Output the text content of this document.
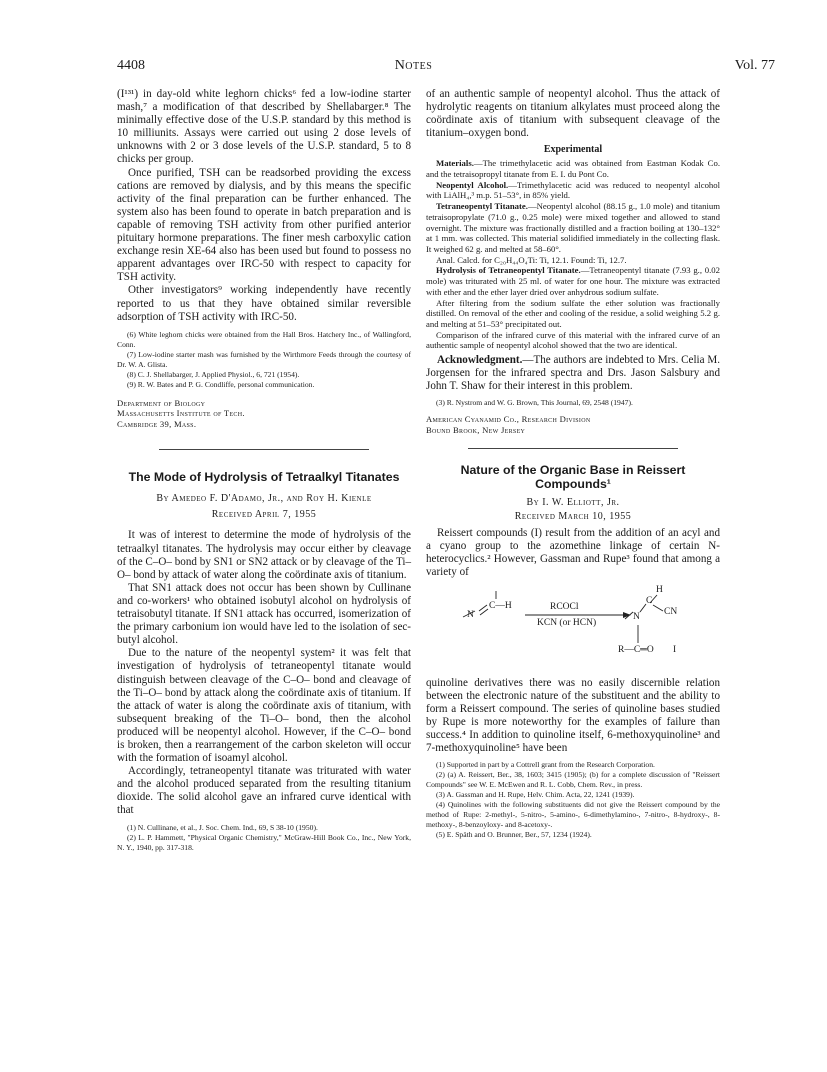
4408	Notes	Vol. 77

(I¹³¹) in day-old white leghorn chicks⁶ fed a low-iodine starter mash,⁷ a modification of that described by Shellabarger.⁸ The minimally effective dose of the U.S.P. standard by this method is 10 milliunits. Assays were carried out using 2 dose levels of unknowns with 2 or 3 dose levels of the U.S.P. standard, 5 to 8 chicks per group.

Once purified, TSH can be readsorbed providing the excess cations are removed by dialysis, and by this means the specific activity of the final preparation can be further enhanced. The system also has been found to operate in batch preparation and is capable of removing TSH activity from other purified anterior pituitary hormone preparations. The finer mesh carboxylic cation exchange resin XE-64 also has been used but found to possess no apparent advantages over IRC-50 with respect to capacity for TSH activity.

Other investigators⁹ working independently have recently reported to us that they have obtained similar reversible adsorption of TSH activity with IRC-50.

(6) White leghorn chicks were obtained from the Hall Bros. Hatchery Inc., of Wallingford, Conn.

(7) Low-iodine starter mash was furnished by the Wirthmore Feeds through the courtesy of Dr. W. A. Glista.

(8) C. J. Shellabarger, J. Applied Physiol., 6, 721 (1954).

(9) R. W. Bates and P. G. Condliffe, personal communication.

Department of Biology
Massachusetts Institute of Tech.
Cambridge 39, Mass.

The Mode of Hydrolysis of Tetraalkyl Titanates

By Amedeo F. D'Adamo, Jr., and Roy H. Kienle
Received April 7, 1955

It was of interest to determine the mode of hydrolysis of the tetraalkyl titanates. The hydrolysis may occur either by cleavage of the C–O– bond by SN1 or SN2 attack or by cleavage of the Ti–O– bond by attack of water along the coördinate axis of titanium.

That SN1 attack does not occur has been shown by Cullinane and co-workers¹ who obtained isobutyl alcohol on hydrolysis of tetraisobutyl titanate. If SN1 attack has occurred, isomerization of the primary carbonium ion would have led to the isolation of sec-butyl alcohol.

Due to the nature of the neopentyl system² it was felt that investigation of hydrolysis of tetraneopentyl titanate would distinguish between cleavage of the C–O– bond and cleavage of the Ti–O– bond by attack along the coördinate axis of titanium. If the attack of water is along the coördinate axis of titanium, with subsequent breaking of the Ti–O– bond, then the alcohol produced will be neopentyl alcohol. However, if the C–O– bond is broken, then a rearrangement of the carbon skeleton will occur with the formation of isoamyl alcohol.

Accordingly, tetraneopentyl titanate was triturated with water and the alcohol produced separated from the resulting titanium dioxide. The solid alcohol gave an infrared curve identical with that

(1) N. Cullinane, et al., J. Soc. Chem. Ind., 69, S 38-10 (1950).

(2) L. P. Hammett, "Physical Organic Chemistry," McGraw-Hill Book Co., Inc., New York, N. Y., 1940, pp. 317-318.

of an authentic sample of neopentyl alcohol. Thus the attack of hydrolytic reagents on titanium alkylates must proceed along the coördinate axis of titanium with subsequent cleavage of the titanium–oxygen bond.

Experimental

Materials.—The trimethylacetic acid was obtained from Eastman Kodak Co. and the tetraisopropyl titanate from E. I. du Pont Co.

Neopentyl Alcohol.—Trimethylacetic acid was reduced to neopentyl alcohol with LiAlH₄,³ m.p. 51–53°, in 85% yield.

Tetraneopentyl Titanate.—Neopentyl alcohol (88.15 g., 1.0 mole) and titanium tetraisopropylate (71.0 g., 0.25 mole) were mixed together and allowed to stand overnight. The mixture was fractionally distilled and a fraction boiling at 130–132° at 1 mm. was collected. This material solidified immediately in the collecting flask. It weighed 62 g. and melted at 58–60°.

Anal. Calcd. for C₂₀H₄₄O₄Ti: Ti, 12.1. Found: Ti, 12.7.

Hydrolysis of Tetraneopentyl Titanate.—Tetraneopentyl titanate (7.93 g., 0.02 mole) was triturated with 25 ml. of water for one hour. The mixture was extracted with ether and the ether layer dried over anhydrous sodium sulfate.

After filtering from the sodium sulfate the ether solution was fractionally distilled. On removal of the ether and cooling of the residue, a solid weighing 5.2 g. and melting at 51–53° precipitated out.

Comparison of the infrared curve of this material with the infrared curve of an authentic sample of neopentyl alcohol showed that the two are identical.

Acknowledgment.—The authors are indebted to Mrs. Celia M. Jorgensen for the infrared spectra and Drs. Jason Salsbury and John T. Shaw for their interest in this problem.

(3) R. Nystrom and W. G. Brown, This Journal, 69, 2548 (1947).

American Cyanamid Co., Research Division
Bound Brook, New Jersey

Nature of the Organic Base in Reissert Compounds¹

By I. W. Elliott, Jr.
Received March 10, 1955

Reissert compounds (I) result from the addition of an acyl and a cyano group to the azomethine linkage of certain N-heterocyclics.² However, Gassman and Rupe³ found that among a variety of

N
C—H	RCOCl
KCN (or HCN)
H
C
CN
N
R—C═O I

quinoline derivatives there was no easily discernible relation between the electronic nature of the substituent and the ability to form a Reissert compound. The series of quinoline bases studied by Rupe is more noteworthy for the examples of failure than success.⁴ In addition to quinoline itself, 6-methoxyquinoline³ and 7-methoxyquinoline⁵ have been

(1) Supported in part by a Cottrell grant from the Research Corporation.

(2) (a) A. Reissert, Ber., 38, 1603; 3415 (1905); (b) for a complete discussion of "Reissert Compounds" see W. E. McEwen and R. L. Cobb, Chem. Rev., in press.

(3) A. Gassman and H. Rupe, Helv. Chim. Acta, 22, 1241 (1939).

(4) Quinolines with the following substituents did not give the Reissert compound by the method of Rupe: 2-methyl-, 5-nitro-, 5-amino-, 6-dimethylamino-, 7-nitro-, 8-hydroxy-, 8-methoxy-, 8-benzoyloxy- and 8-acetoxy-.

(5) E. Späth and O. Brunner, Ber., 57, 1234 (1924).
